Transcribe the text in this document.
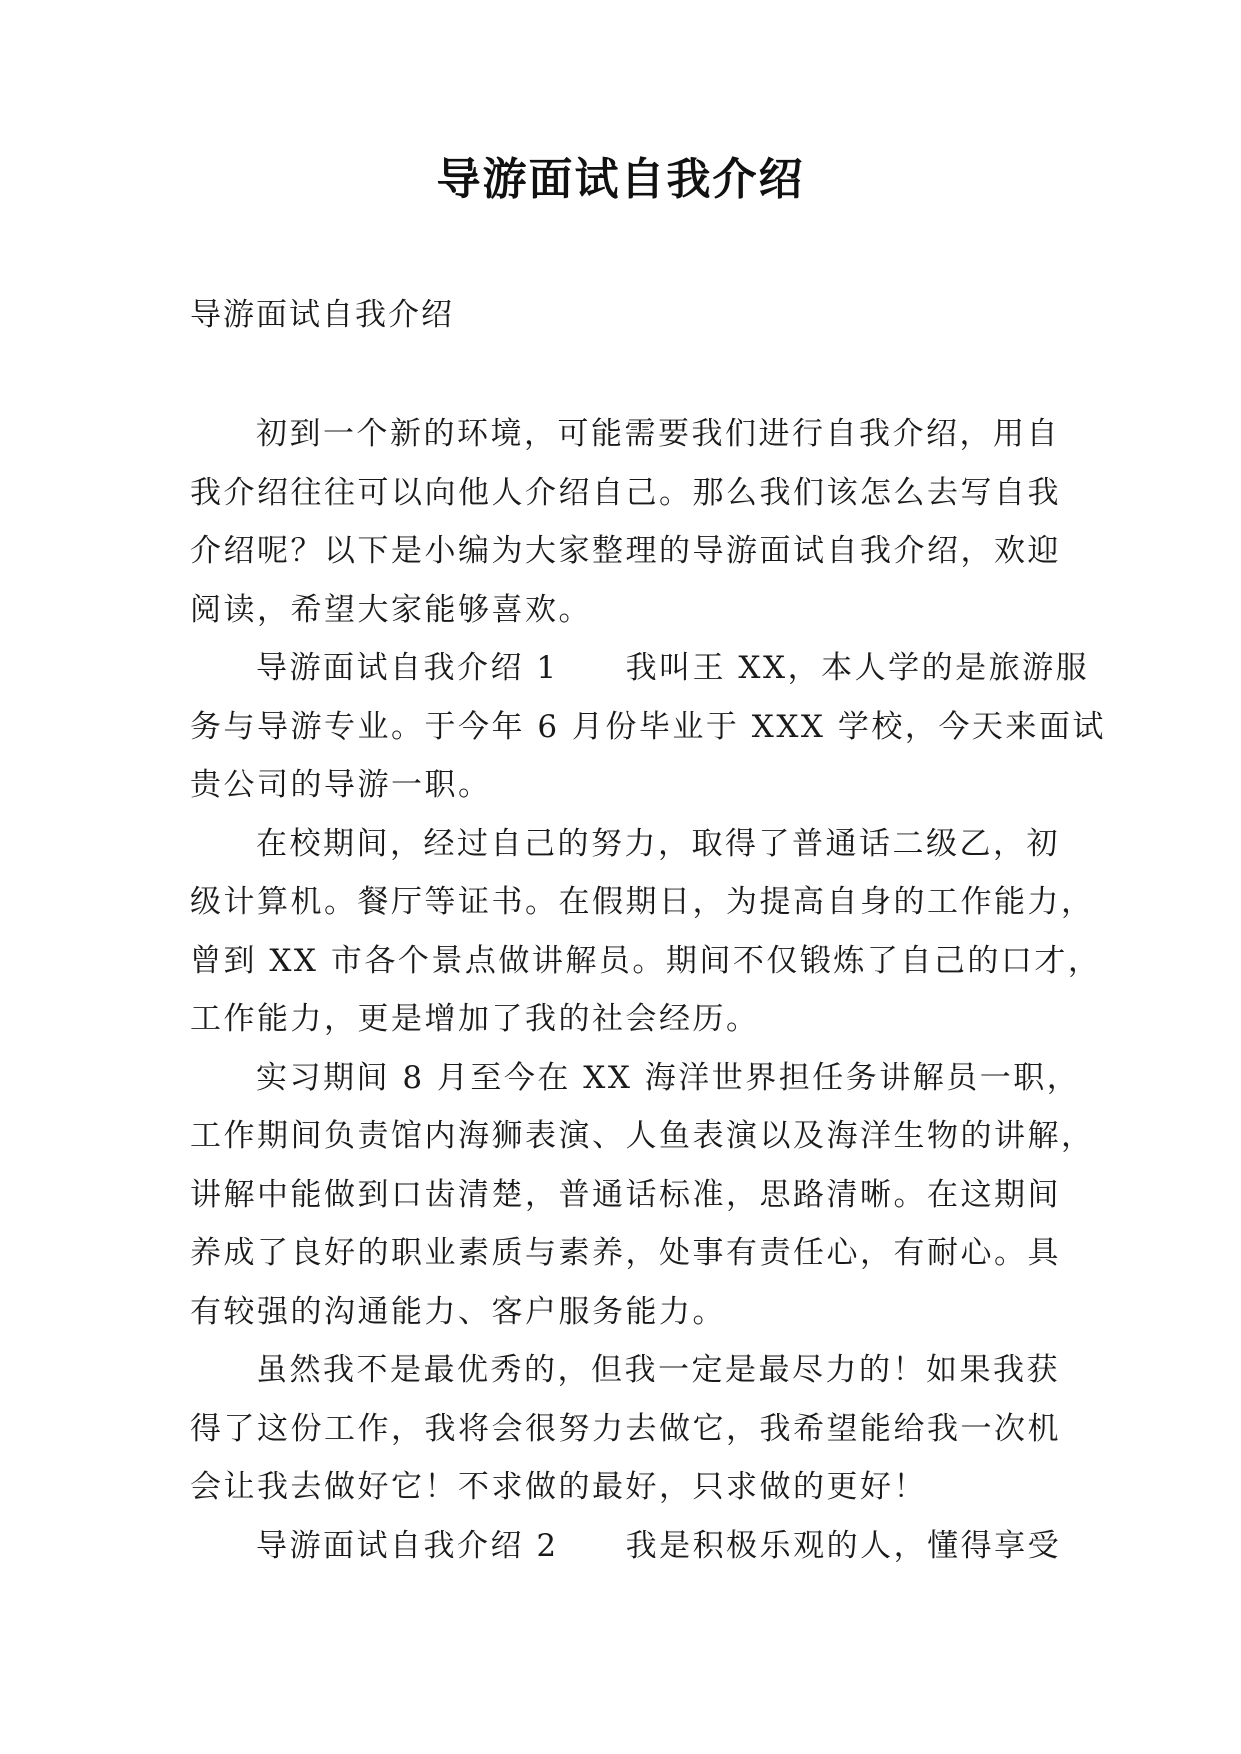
导游面试自我介绍
导游面试自我介绍

初到一个新的环境，可能需要我们进行自我介绍，用自
我介绍往往可以向他人介绍自己。那么我们该怎么去写自我
介绍呢？以下是小编为大家整理的导游面试自我介绍，欢迎
阅读，希望大家能够喜欢。

导游面试自我介绍 1　　我叫王 XX，本人学的是旅游服
务与导游专业。于今年 6 月份毕业于 XXX 学校，今天来面试
贵公司的导游一职。

在校期间，经过自己的努力，取得了普通话二级乙，初
级计算机。餐厅等证书。在假期日，为提高自身的工作能力，
曾到 XX 市各个景点做讲解员。期间不仅锻炼了自己的口才，
工作能力，更是增加了我的社会经历。

实习期间 8 月至今在 XX 海洋世界担任务讲解员一职，
工作期间负责馆内海狮表演、人鱼表演以及海洋生物的讲解，
讲解中能做到口齿清楚，普通话标准，思路清晰。在这期间
养成了良好的职业素质与素养，处事有责任心，有耐心。具
有较强的沟通能力、客户服务能力。

虽然我不是最优秀的，但我一定是最尽力的！如果我获
得了这份工作，我将会很努力去做它，我希望能给我一次机
会让我去做好它！不求做的最好，只求做的更好！

导游面试自我介绍 2　　我是积极乐观的人，懂得享受
